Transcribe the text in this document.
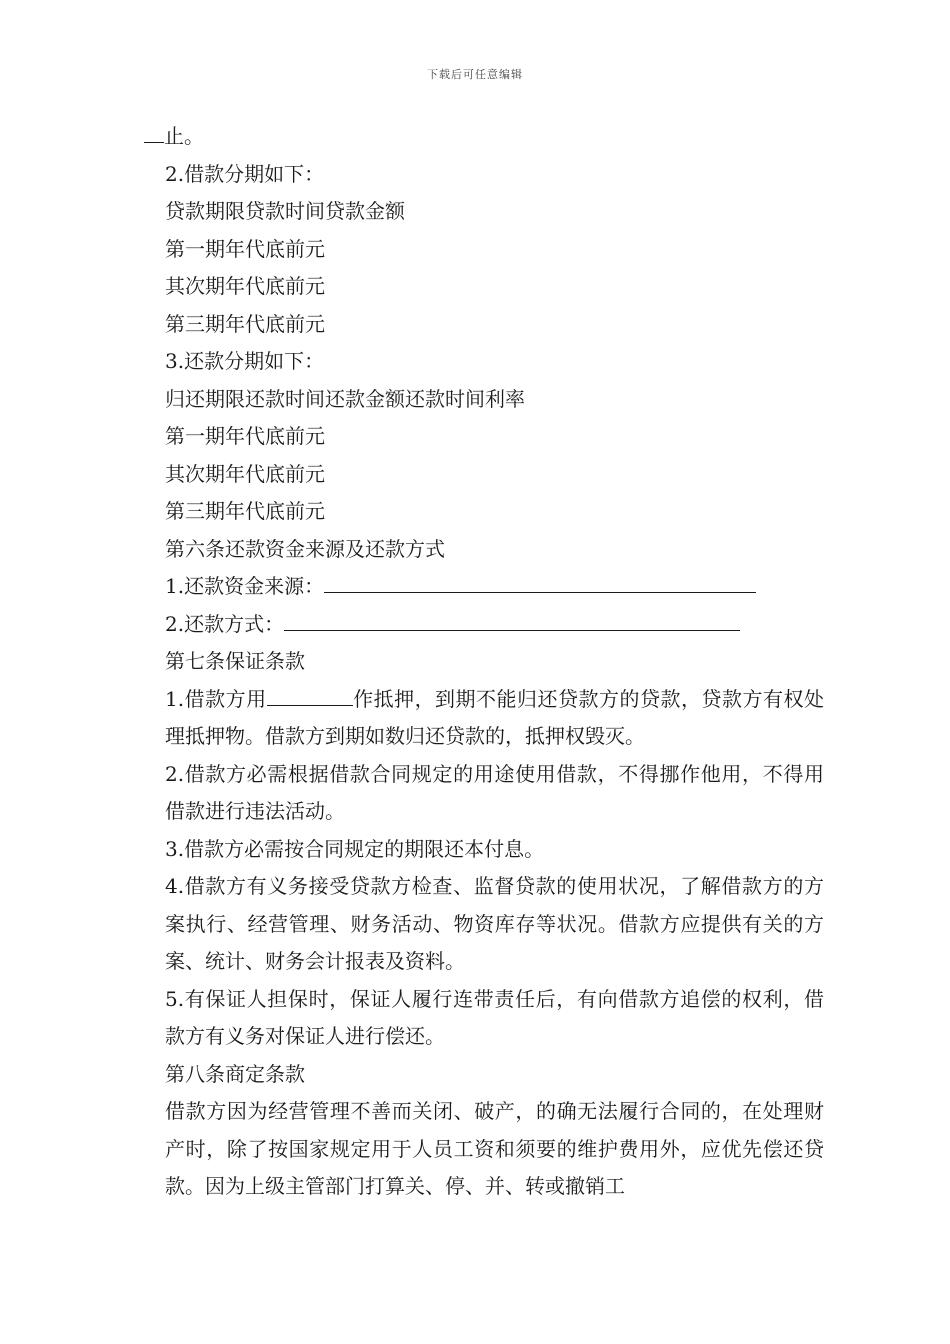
下载后可任意编辑
止。
2.借款分期如下：
贷款期限贷款时间贷款金额
第一期年代底前元
其次期年代底前元
第三期年代底前元
3.还款分期如下：
归还期限还款时间还款金额还款时间利率
第一期年代底前元
其次期年代底前元
第三期年代底前元
第六条还款资金来源及还款方式
1.还款资金来源：
2.还款方式：
第七条保证条款
1.借款方用	作抵押，到期不能归还贷款方的贷款，贷款方有权处理抵押物。借款方到期如数归还贷款的，抵押权毁灭。
2.借款方必需根据借款合同规定的用途使用借款，不得挪作他用，不得用借款进行违法活动。
3.借款方必需按合同规定的期限还本付息。
4.借款方有义务接受贷款方检查、监督贷款的使用状况，了解借款方的方案执行、经营管理、财务活动、物资库存等状况。借款方应提供有关的方案、统计、财务会计报表及资料。
5.有保证人担保时，保证人履行连带责任后，有向借款方追偿的权利，借款方有义务对保证人进行偿还。
第八条商定条款
借款方因为经营管理不善而关闭、破产，的确无法履行合同的，在处理财产时，除了按国家规定用于人员工资和须要的维护费用外，应优先偿还贷款。因为上级主管部门打算关、停、并、转或撤销工
